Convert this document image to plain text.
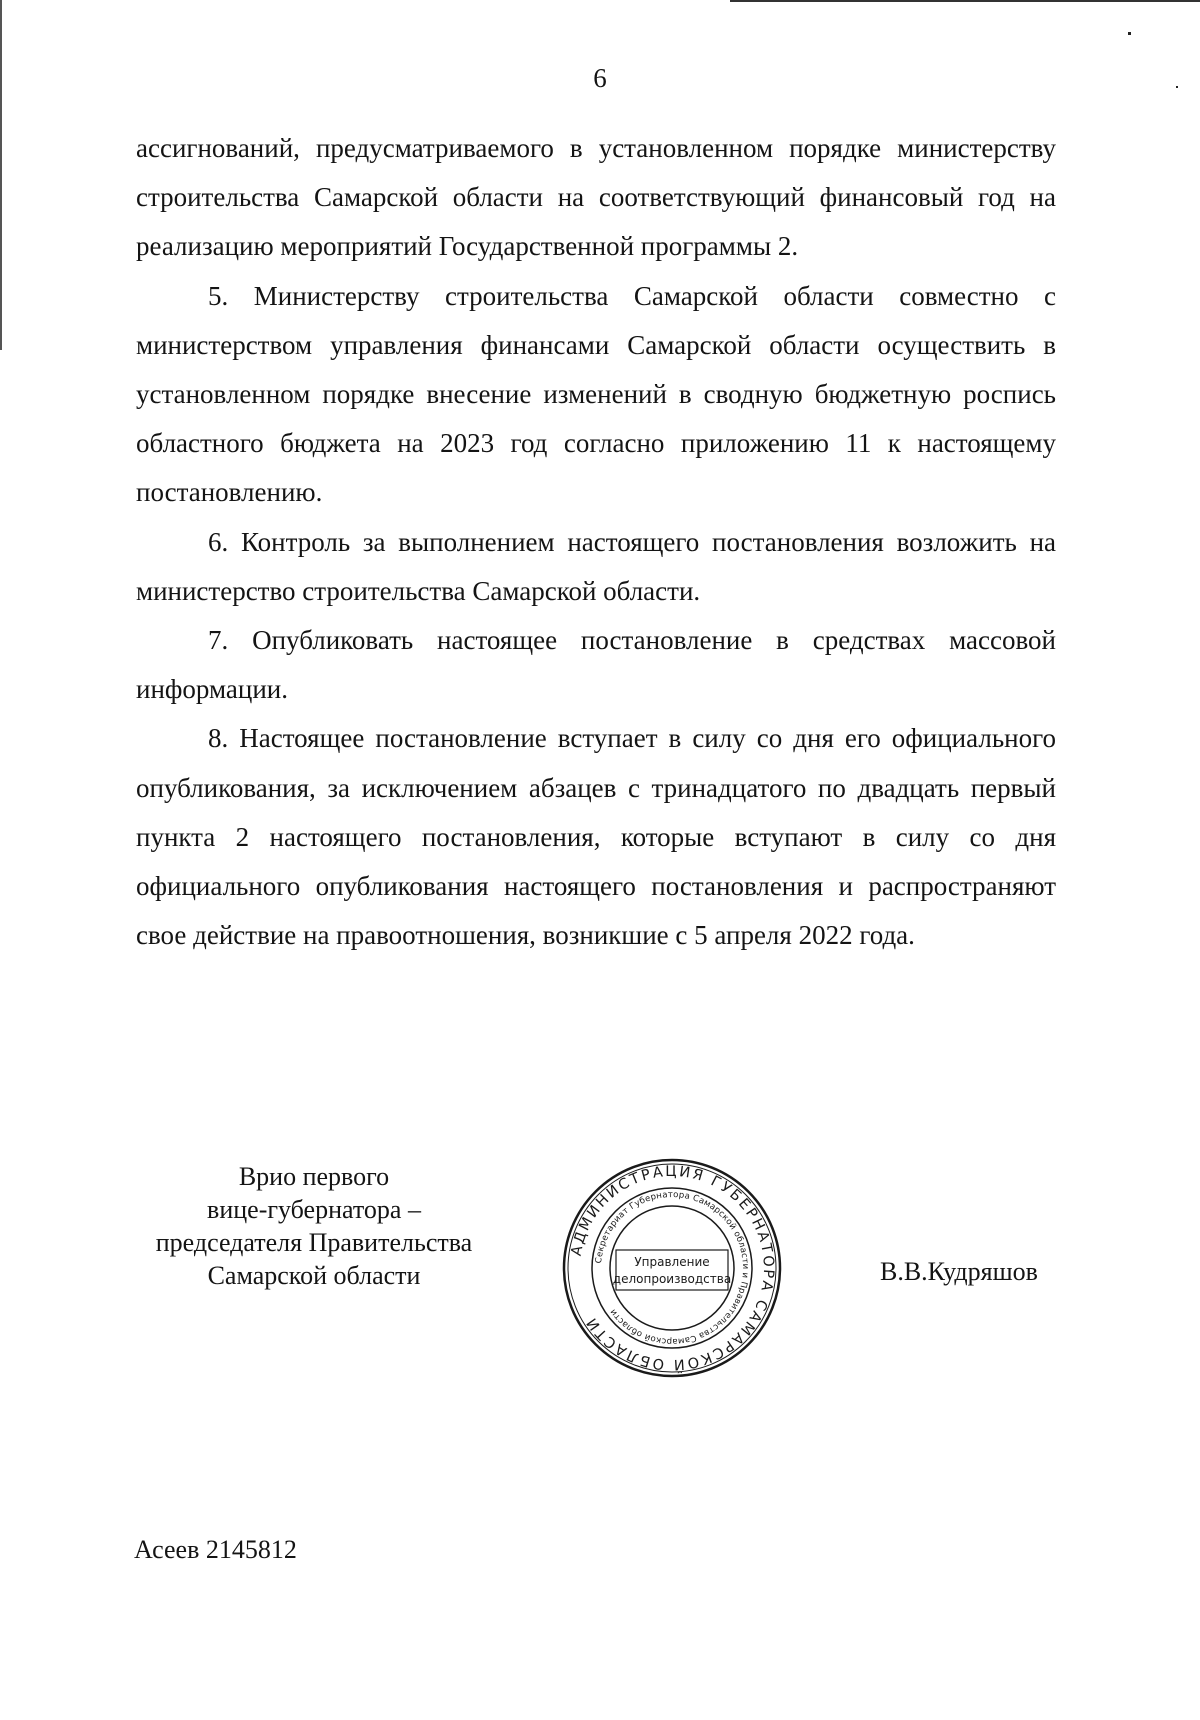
6

ассигнований, предусматриваемого в установленном порядке министерству строительства Самарской области на соответствующий финансовый год на реализацию мероприятий Государственной программы 2.

5. Министерству строительства Самарской области совместно с министерством управления финансами Самарской области осуществить в установленном порядке внесение изменений в сводную бюджетную роспись областного бюджета на 2023 год согласно приложению 11 к настоящему постановлению.

6. Контроль за выполнением настоящего постановления возложить на министерство строительства Самарской области.

7. Опубликовать настоящее постановление в средствах массовой информации.

8. Настоящее постановление вступает в силу со дня его официального опубликования, за исключением абзацев с тринадцатого по двадцать первый пункта 2 настоящего постановления, которые вступают в силу со дня официального опубликования настоящего постановления и распространяют свое действие на правоотношения, возникшие с 5 апреля 2022 года.

Врио первого
вице-губернатора –
председателя Правительства
Самарской области
АДМИНИСТРАЦИЯ ГУБЕРНАТОРА САМАРСКОЙ ОБЛАСТИ
Секретариат Губернатора Самарской области и Правительства Самарской области
Управление
делопроизводства	В.В.Кудряшов
Асеев 2145812
